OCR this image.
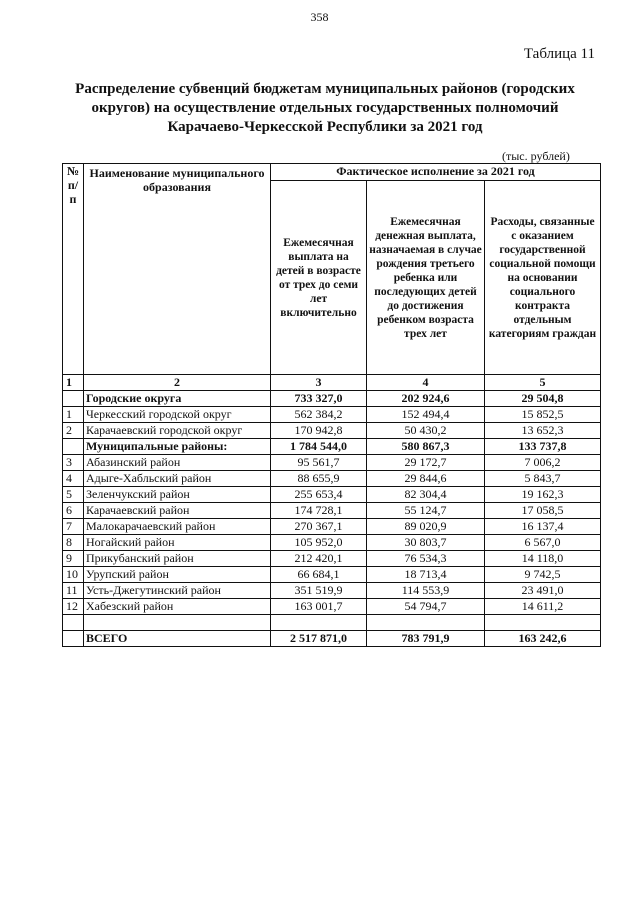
358
Таблица 11
Распределение субвенций бюджетам муниципальных районов (городских округов) на осуществление отдельных государственных полномочий Карачаево-Черкесской Республики за 2021 год
(тыс. рублей)
№ п/п	Наименование муниципального образования	Фактическое исполнение за 2021 год		
		Ежемесячная выплата на детей в возрасте от трех до семи лет включительно	Ежемесячная денежная выплата, назначаемая в случае рождения третьего ребенка или последующих детей до достижения ребенком возраста трех лет	Расходы, связанные с оказанием государственной социальной помощи на основании социального контракта отдельным категориям граждан
1	2	3	4	5
	Городские округа	733 327,0	202 924,6	29 504,8
1	Черкесский городской округ	562 384,2	152 494,4	15 852,5
2	Карачаевский городской округ	170 942,8	50 430,2	13 652,3
	Муниципальные районы:	1 784 544,0	580 867,3	133 737,8
3	Абазинский район	95 561,7	29 172,7	7 006,2
4	Адыге-Хабльский район	88 655,9	29 844,6	5 843,7
5	Зеленчукский район	255 653,4	82 304,4	19 162,3
6	Карачаевский район	174 728,1	55 124,7	17 058,5
7	Малокарачаевский район	270 367,1	89 020,9	16 137,4
8	Ногайский район	105 952,0	30 803,7	6 567,0
9	Прикубанский район	212 420,1	76 534,3	14 118,0
10	Урупский район	66 684,1	18 713,4	9 742,5
11	Усть-Джегутинский район	351 519,9	114 553,9	23 491,0
12	Хабезский район	163 001,7	54 794,7	14 611,2

	ВСЕГО	2 517 871,0	783 791,9	163 242,6
